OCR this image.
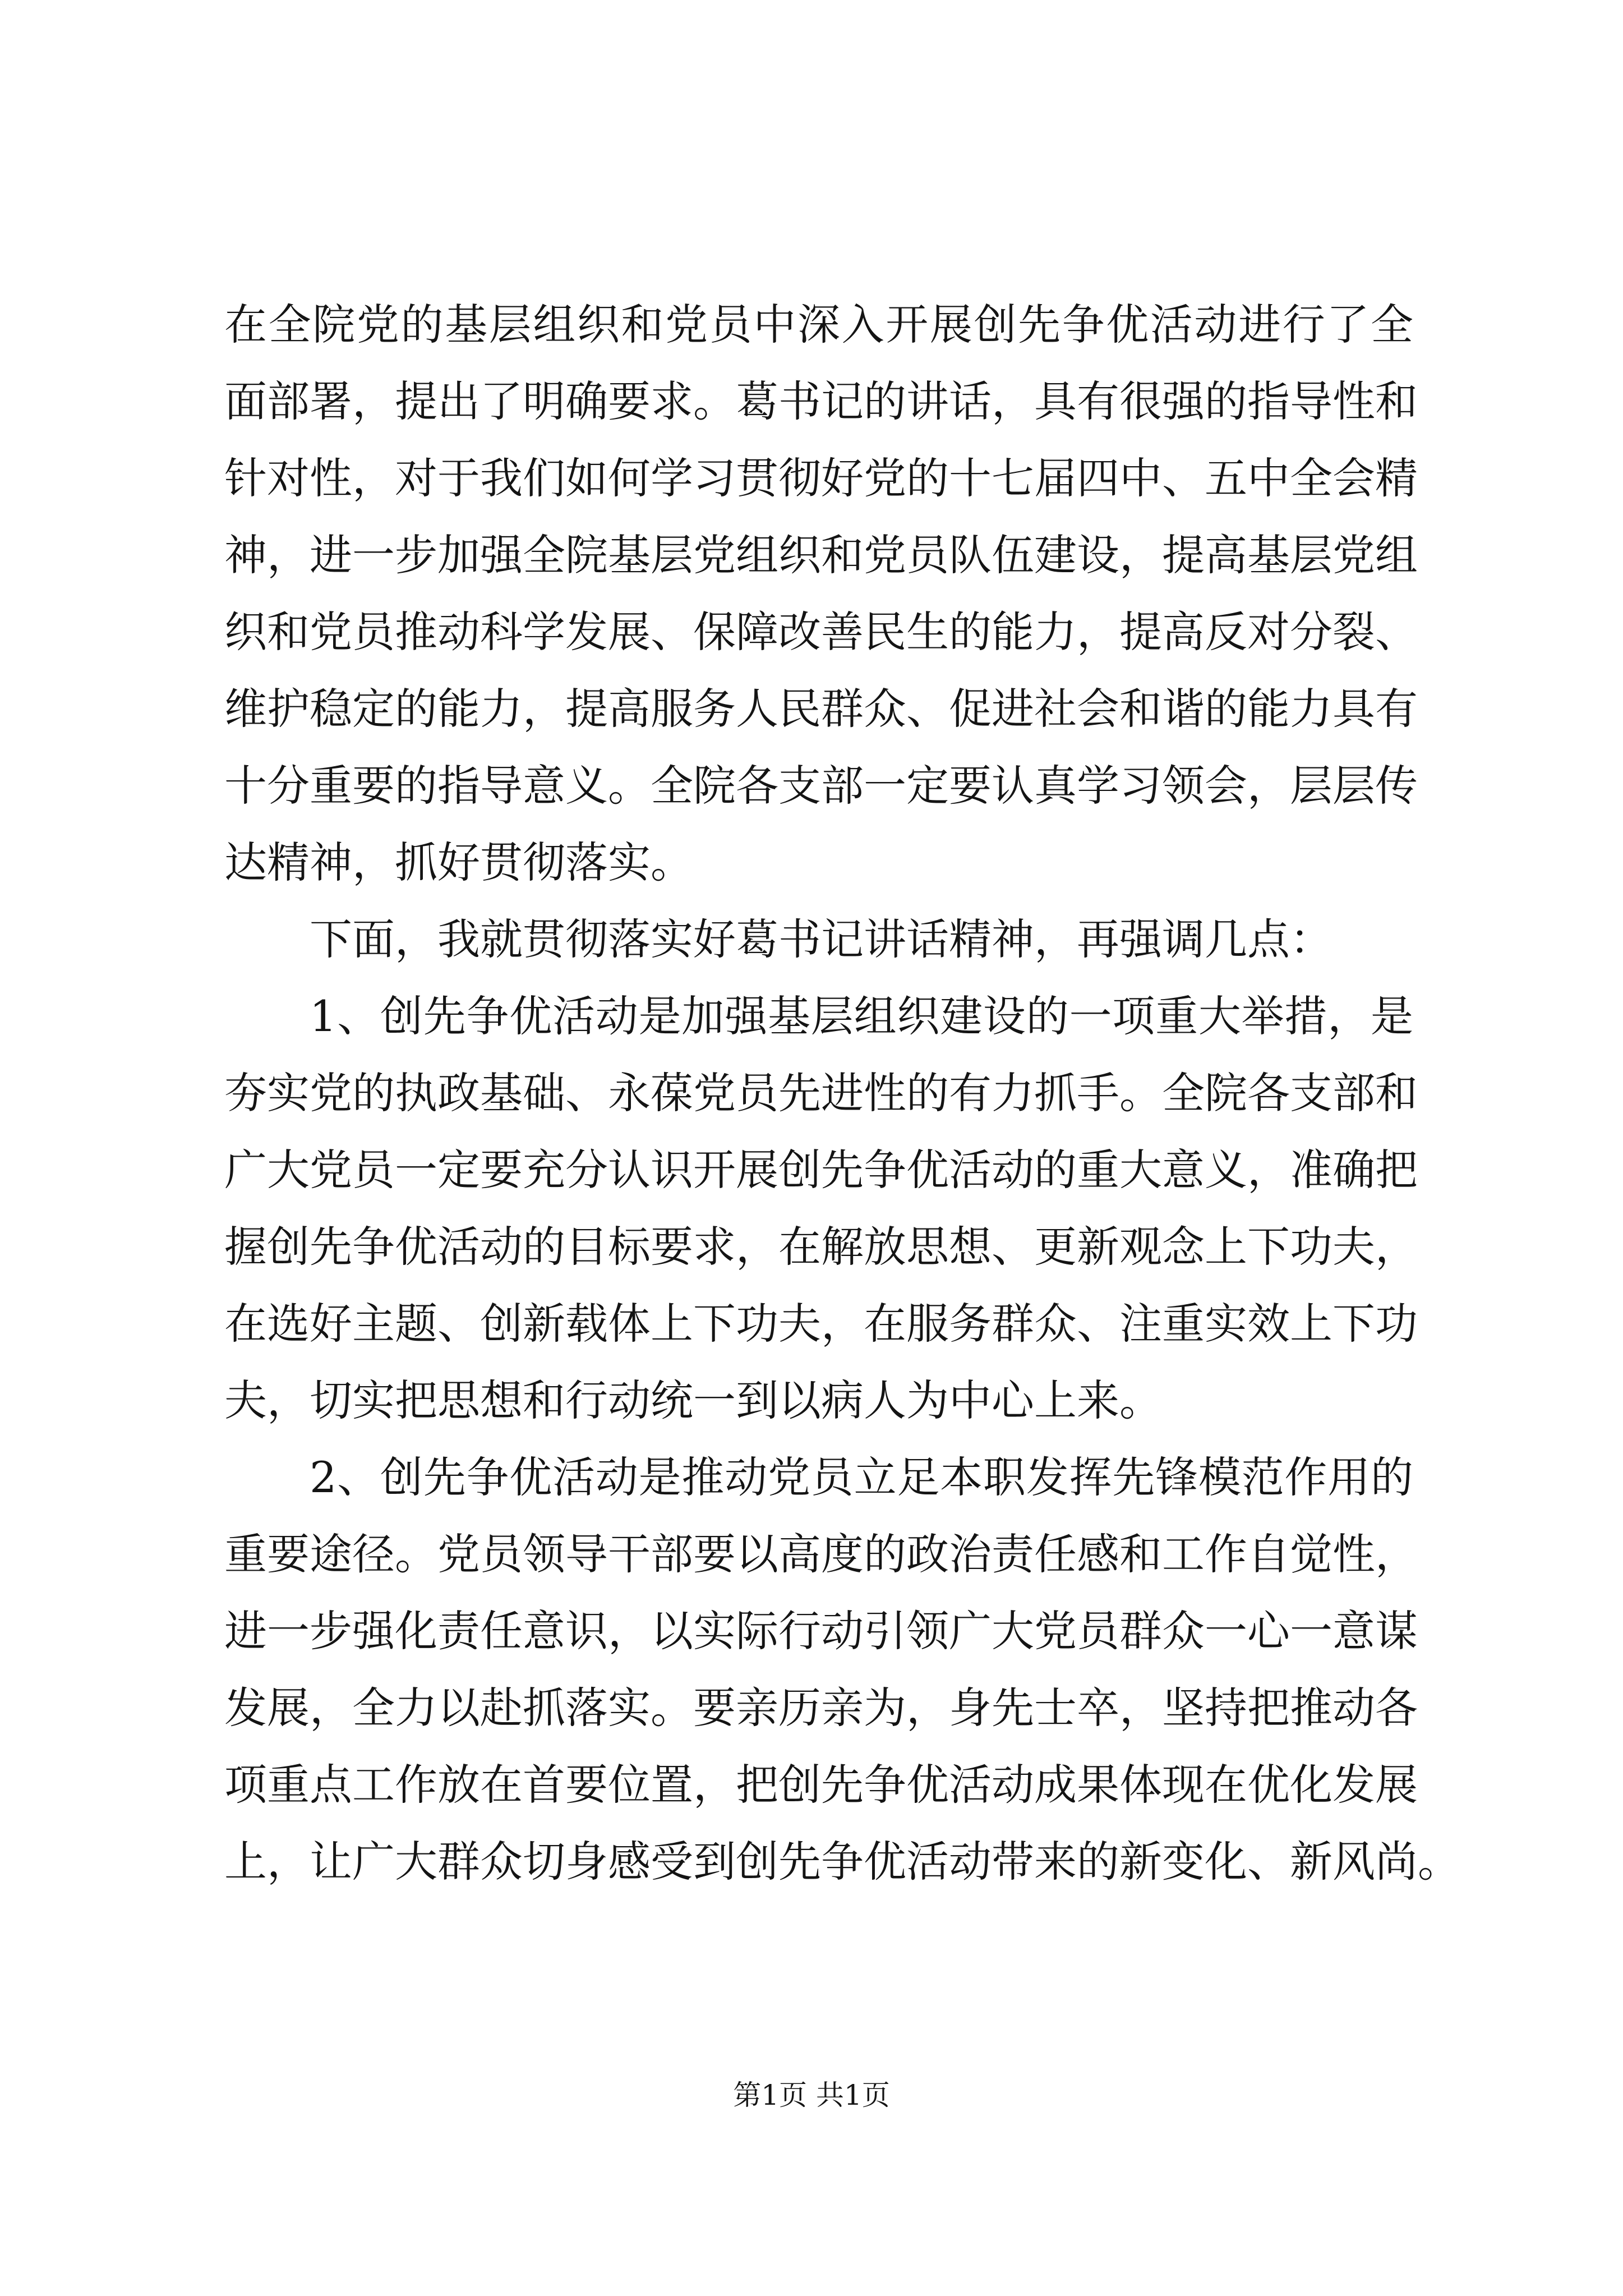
在全院党的基层组织和党员中深入开展创先争优活动进行了全
面部署，提出了明确要求。葛书记的讲话，具有很强的指导性和
针对性，对于我们如何学习贯彻好党的十七届四中、五中全会精
神，进一步加强全院基层党组织和党员队伍建设，提高基层党组
织和党员推动科学发展、保障改善民生的能力，提高反对分裂、
维护稳定的能力，提高服务人民群众、促进社会和谐的能力具有
十分重要的指导意义。全院各支部一定要认真学习领会，层层传
达精神，抓好贯彻落实。
下面，我就贯彻落实好葛书记讲话精神，再强调几点：
1、创先争优活动是加强基层组织建设的一项重大举措，是
夯实党的执政基础、永葆党员先进性的有力抓手。全院各支部和
广大党员一定要充分认识开展创先争优活动的重大意义，准确把
握创先争优活动的目标要求，在解放思想、更新观念上下功夫，
在选好主题、创新载体上下功夫，在服务群众、注重实效上下功
夫，切实把思想和行动统一到以病人为中心上来。
2、创先争优活动是推动党员立足本职发挥先锋模范作用的
重要途径。党员领导干部要以高度的政治责任感和工作自觉性，
进一步强化责任意识，以实际行动引领广大党员群众一心一意谋
发展，全力以赴抓落实。要亲历亲为，身先士卒，坚持把推动各
项重点工作放在首要位置，把创先争优活动成果体现在优化发展
上，让广大群众切身感受到创先争优活动带来的新变化、新风尚。
第1页 共1页
